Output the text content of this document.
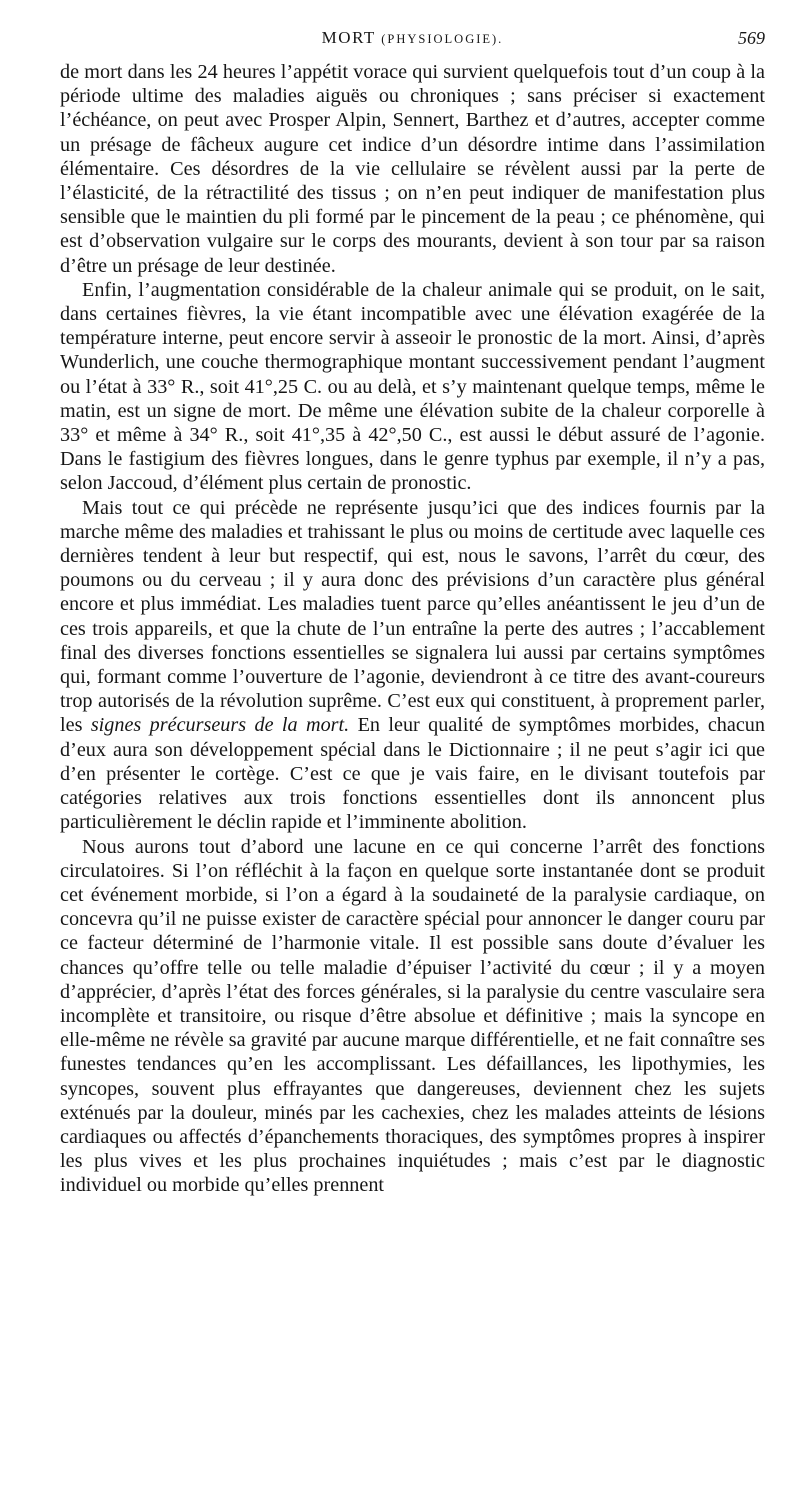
MORT (PHYSIOLOGIE).	569

de mort dans les 24 heures l’appétit vorace qui survient quelquefois tout d’un coup à la période ultime des maladies aiguës ou chroniques ; sans préciser si exactement l’échéance, on peut avec Prosper Alpin, Sennert, Barthez et d’autres, accepter comme un présage de fâcheux augure cet indice d’un désordre intime dans l’assimilation élémentaire. Ces désordres de la vie cellulaire se révèlent aussi par la perte de l’élasticité, de la rétractilité des tissus ; on n’en peut indiquer de manifestation plus sensible que le maintien du pli formé par le pincement de la peau ; ce phénomène, qui est d’observation vulgaire sur le corps des mourants, devient à son tour par sa raison d’être un présage de leur destinée.

Enfin, l’augmentation considérable de la chaleur animale qui se produit, on le sait, dans certaines fièvres, la vie étant incompatible avec une élévation exagérée de la température interne, peut encore servir à asseoir le pronostic de la mort. Ainsi, d’après Wunderlich, une couche thermographique montant successivement pendant l’augment ou l’état à 33° R., soit 41°,25 C. ou au delà, et s’y maintenant quelque temps, même le matin, est un signe de mort. De même une élévation subite de la chaleur corporelle à 33° et même à 34° R., soit 41°,35 à 42°,50 C., est aussi le début assuré de l’agonie. Dans le fastigium des fièvres longues, dans le genre typhus par exemple, il n’y a pas, selon Jaccoud, d’élément plus certain de pronostic.

Mais tout ce qui précède ne représente jusqu’ici que des indices fournis par la marche même des maladies et trahissant le plus ou moins de certitude avec laquelle ces dernières tendent à leur but respectif, qui est, nous le savons, l’arrêt du cœur, des poumons ou du cerveau ; il y aura donc des prévisions d’un caractère plus général encore et plus immédiat. Les maladies tuent parce qu’elles anéantissent le jeu d’un de ces trois appareils, et que la chute de l’un entraîne la perte des autres ; l’accablement final des diverses fonctions essentielles se signalera lui aussi par certains symptômes qui, formant comme l’ouverture de l’agonie, deviendront à ce titre des avant-coureurs trop autorisés de la révolution suprême. C’est eux qui constituent, à proprement parler, les signes précurseurs de la mort. En leur qualité de symptômes morbides, chacun d’eux aura son développement spécial dans le Dictionnaire ; il ne peut s’agir ici que d’en présenter le cortège. C’est ce que je vais faire, en le divisant toutefois par catégories relatives aux trois fonctions essentielles dont ils annoncent plus particulièrement le déclin rapide et l’imminente abolition.

Nous aurons tout d’abord une lacune en ce qui concerne l’arrêt des fonctions circulatoires. Si l’on réfléchit à la façon en quelque sorte instantanée dont se produit cet événement morbide, si l’on a égard à la soudaineté de la paralysie cardiaque, on concevra qu’il ne puisse exister de caractère spécial pour annoncer le danger couru par ce facteur déterminé de l’harmonie vitale. Il est possible sans doute d’évaluer les chances qu’offre telle ou telle maladie d’épuiser l’activité du cœur ; il y a moyen d’apprécier, d’après l’état des forces générales, si la paralysie du centre vasculaire sera incomplète et transitoire, ou risque d’être absolue et définitive ; mais la syncope en elle-même ne révèle sa gravité par aucune marque différentielle, et ne fait connaître ses funestes tendances qu’en les accomplissant. Les défaillances, les lipothymies, les syncopes, souvent plus effrayantes que dangereuses, deviennent chez les sujets exténués par la douleur, minés par les cachexies, chez les malades atteints de lésions cardiaques ou affectés d’épanchements thoraciques, des symptômes propres à inspirer les plus vives et les plus prochaines inquiétudes ; mais c’est par le diagnostic individuel ou morbide qu’elles prennent
